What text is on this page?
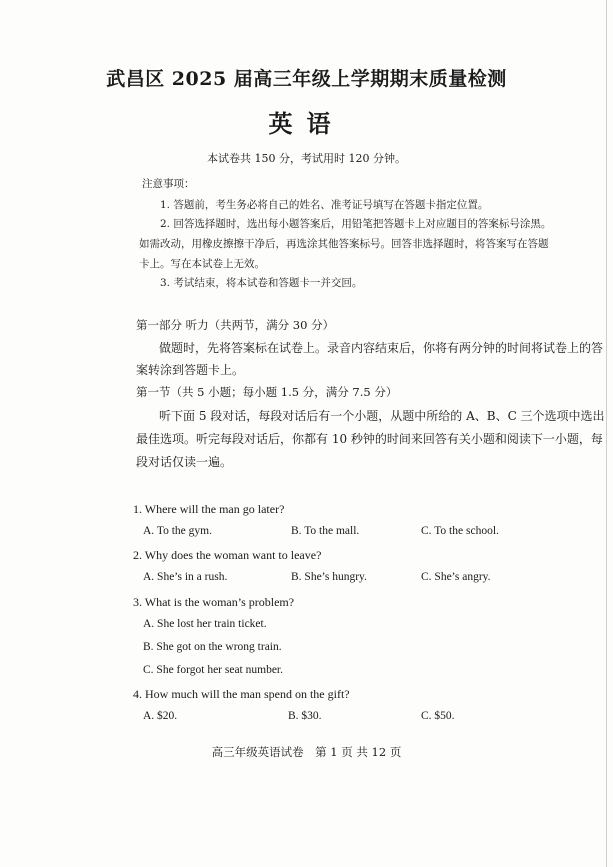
武昌区 2025 届高三年级上学期期末质量检测
英语
本试卷共 150 分，考试用时 120 分钟。
注意事项：
1. 答题前，考生务必将自己的姓名、准考证号填写在答题卡指定位置。
2. 回答选择题时，选出每小题答案后，用铅笔把答题卡上对应题目的答案标号涂黑。
如需改动，用橡皮擦擦干净后，再选涂其他答案标号。回答非选择题时，将答案写在答题
卡上。写在本试卷上无效。
3. 考试结束，将本试卷和答题卡一并交回。
第一部分 听力（共两节，满分 30 分）
做题时，先将答案标在试卷上。录音内容结束后，你将有两分钟的时间将试卷上的答
案转涂到答题卡上。
第一节（共 5 小题；每小题 1.5 分，满分 7.5 分）
听下面 5 段对话，每段对话后有一个小题，从题中所给的 A、B、C 三个选项中选出
最佳选项。听完每段对话后，你都有 10 秒钟的时间来回答有关小题和阅读下一小题，每
段对话仅读一遍。
1. Where will the man go later?
A. To the gym.	B. To the mall.	C. To the school.
2. Why does the woman want to leave?
A. She’s in a rush.	B. She’s hungry.	C. She’s angry.
3. What is the woman’s problem?
A. She lost her train ticket.
B. She got on the wrong train.
C. She forgot her seat number.
4. How much will the man spend on the gift?
A. $20.	B. $30.	C. $50.
高三年级英语试卷　第 1 页 共 12 页
